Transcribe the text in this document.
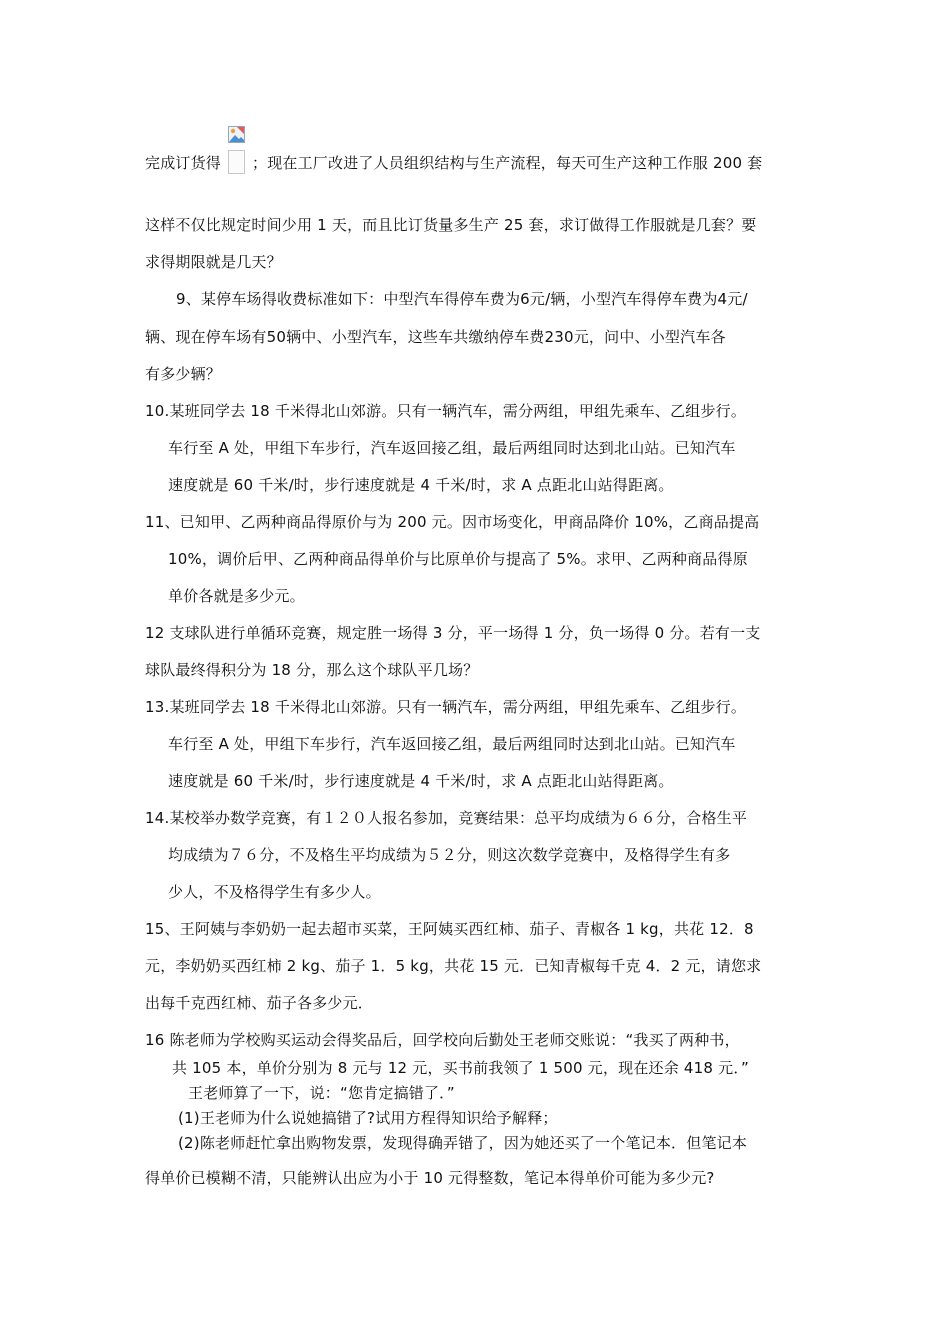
完成订货得 ；现在工厂改进了人员组织结构与生产流程，每天可生产这种工作服 200 套
这样不仅比规定时间少用 1 天，而且比订货量多生产 25 套，求订做得工作服就是几套？要
求得期限就是几天？
9、某停车场得收费标准如下：中型汽车得停车费为6元/辆，小型汽车得停车费为4元/
辆、现在停车场有50辆中、小型汽车，这些车共缴纳停车费230元，问中、小型汽车各
有多少辆？
10.某班同学去 18 千米得北山郊游。只有一辆汽车，需分两组，甲组先乘车、乙组步行。
车行至 A 处，甲组下车步行，汽车返回接乙组，最后两组同时达到北山站。已知汽车
速度就是 60 千米/时，步行速度就是 4 千米/时，求 A 点距北山站得距离。
11、已知甲、乙两种商品得原价与为 200 元。因市场变化，甲商品降价 10%，乙商品提高
10%，调价后甲、乙两种商品得单价与比原单价与提高了 5%。求甲、乙两种商品得原
单价各就是多少元。
12 支球队进行单循环竞赛，规定胜一场得 3 分，平一场得 1 分，负一场得 0 分。若有一支
球队最终得积分为 18 分，那么这个球队平几场？
13.某班同学去 18 千米得北山郊游。只有一辆汽车，需分两组，甲组先乘车、乙组步行。
车行至 A 处，甲组下车步行，汽车返回接乙组，最后两组同时达到北山站。已知汽车
速度就是 60 千米/时，步行速度就是 4 千米/时，求 A 点距北山站得距离。
14.某校举办数学竞赛，有１２０人报名参加，竞赛结果：总平均成绩为６６分，合格生平
均成绩为７６分，不及格生平均成绩为５２分，则这次数学竞赛中，及格得学生有多
少人，不及格得学生有多少人。
15、王阿姨与李奶奶一起去超市买菜，王阿姨买西红柿、茄子、青椒各 1 kg，共花 12．8
元，李奶奶买西红柿 2 kg、茄子 1．5 kg，共花 15 元．已知青椒每千克 4．2 元，请您求
出每千克西红柿、茄子各多少元．
16 陈老师为学校购买运动会得奖品后，回学校向后勤处王老师交账说：“我买了两种书，
共 105 本，单价分别为 8 元与 12 元，买书前我领了 1 500 元，现在还余 418 元．”
王老师算了一下，说：“您肯定搞错了．”
(1)王老师为什么说她搞错了?试用方程得知识给予解释；
(2)陈老师赶忙拿出购物发票，发现得确弄错了，因为她还买了一个笔记本．但笔记本
得单价已模糊不清，只能辨认出应为小于 10 元得整数，笔记本得单价可能为多少元?
